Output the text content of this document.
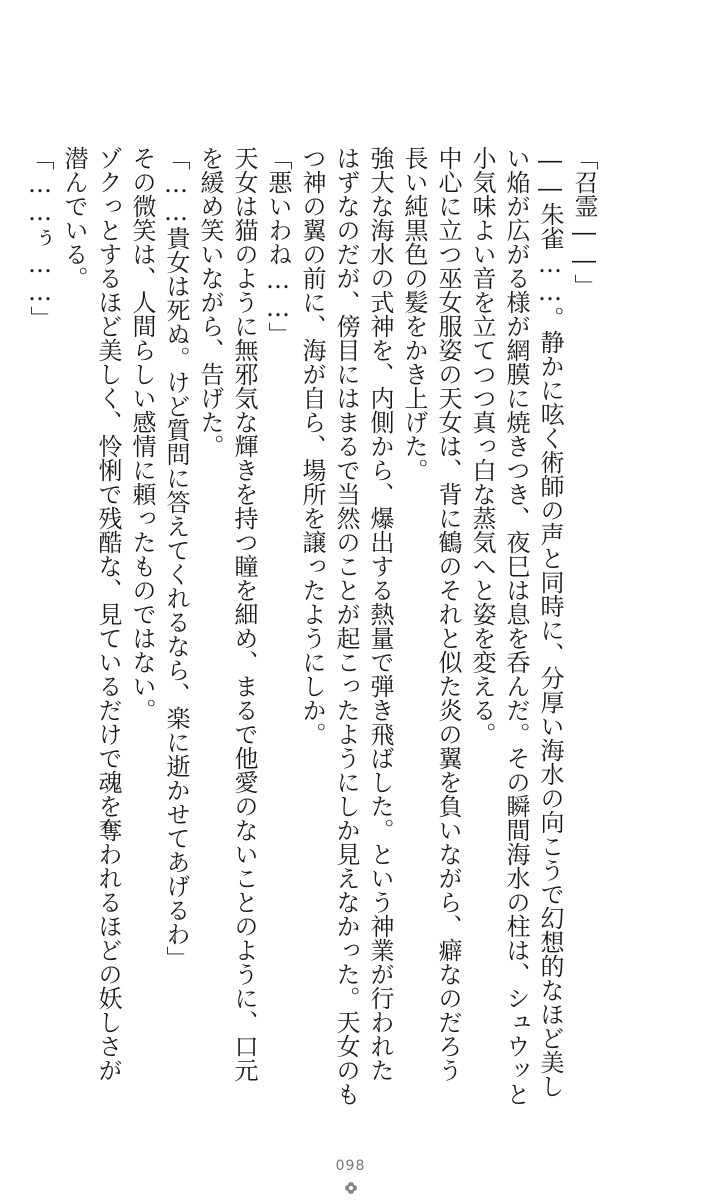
「召霊――」
――朱雀……。静かに呟く術師の声と同時に、分厚い海水の向こうで幻想的なほど美し
い焔が広がる様が網膜に焼きつき、夜巳は息を呑んだ。その瞬間海水の柱は、シュウッと
小気味よい音を立てつつ真っ白な蒸気へと姿を変える。
中心に立つ巫女服姿の天女は、背に鶴のそれと似た炎の翼を負いながら、癖なのだろう
長い純黒色の髪をかき上げた。
強大な海水の式神を、内側から、爆出する熱量で弾き飛ばした。という神業が行われた
はずなのだが、傍目にはまるで当然のことが起こったようにしか見えなかった。天女のも
つ神の翼の前に、海が自ら、場所を譲ったようにしか。
「悪いわね……」
天女は猫のように無邪気な輝きを持つ瞳を細め、まるで他愛のないことのように、口元
を緩め笑いながら、告げた。
「……貴女は死ぬ。けど質問に答えてくれるなら、楽に逝かせてあげるわ」
その微笑は、人間らしい感情に頼ったものではない。
ゾクっとするほど美しく、怜悧で残酷な、見ているだけで魂を奪われるほどの妖しさが
潜んでいる。
「……ぅ……」
098
